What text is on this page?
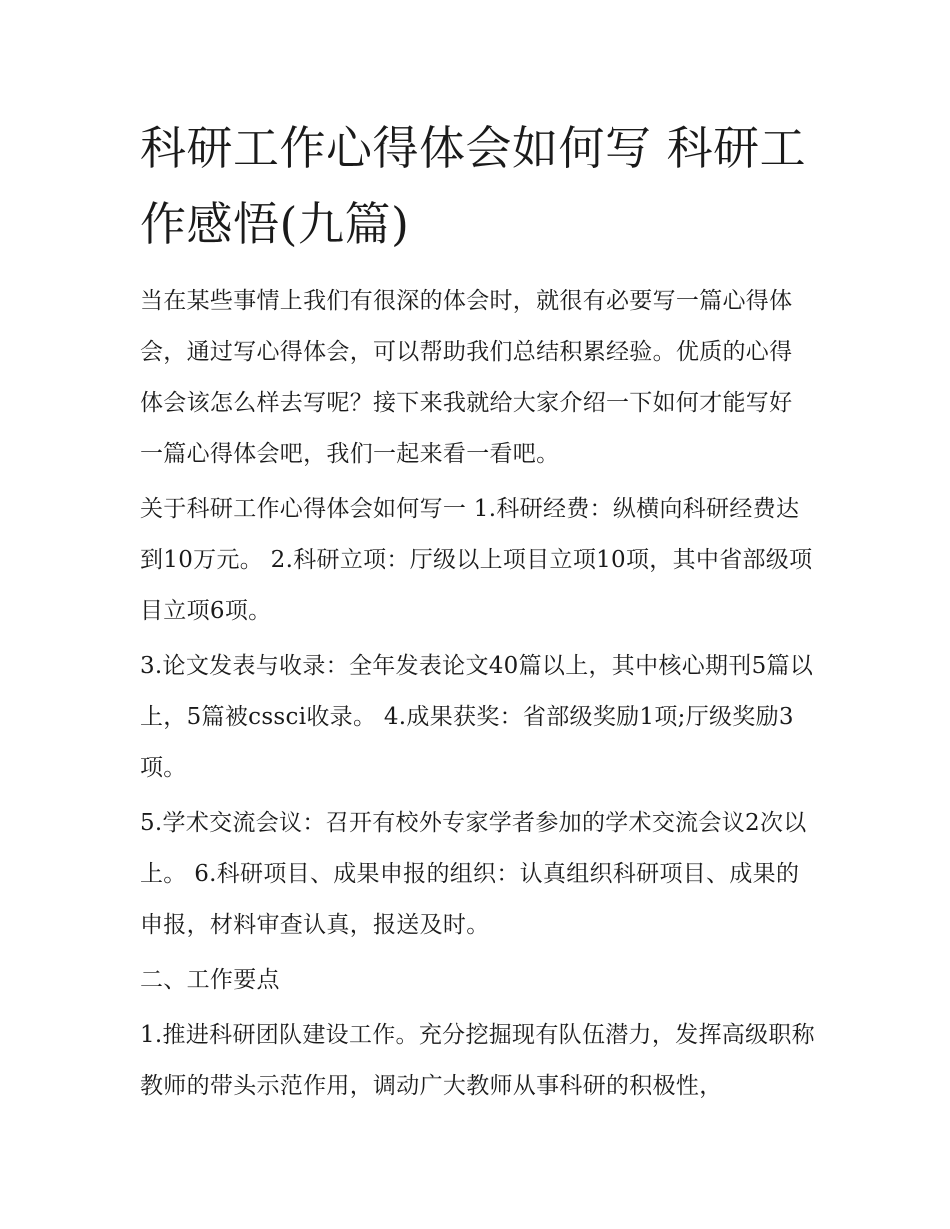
科研工作心得体会如何写 科研工作感悟(九篇)

当在某些事情上我们有很深的体会时，就很有必要写一篇心得体会，通过写心得体会，可以帮助我们总结积累经验。优质的心得体会该怎么样去写呢？接下来我就给大家介绍一下如何才能写好一篇心得体会吧，我们一起来看一看吧。

关于科研工作心得体会如何写一 1.科研经费：纵横向科研经费达到10万元。 2.科研立项：厅级以上项目立项10项，其中省部级项目立项6项。

3.论文发表与收录：全年发表论文40篇以上，其中核心期刊5篇以上，5篇被cssci收录。 4.成果获奖：省部级奖励1项;厅级奖励3项。

5.学术交流会议：召开有校外专家学者参加的学术交流会议2次以上。 6.科研项目、成果申报的组织：认真组织科研项目、成果的申报，材料审查认真，报送及时。

二、工作要点

1.推进科研团队建设工作。充分挖掘现有队伍潜力，发挥高级职称教师的带头示范作用，调动广大教师从事科研的积极性，
